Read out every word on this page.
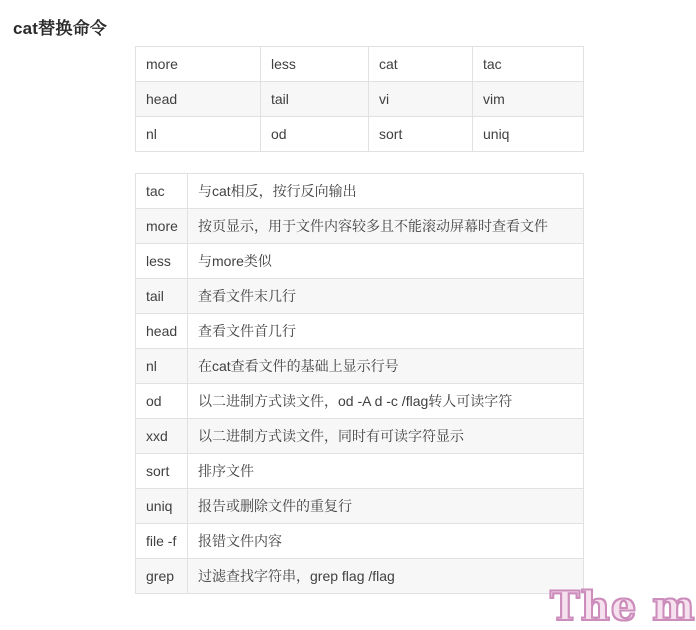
cat替换命令
more	less	cat	tac
head	tail	vi	vim
nl	od	sort	uniq
tac	与cat相反，按行反向输出
more	按页显示，用于文件内容较多且不能滚动屏幕时查看文件
less	与more类似
tail	查看文件末几行
head	查看文件首几行
nl	在cat查看文件的基础上显示行号
od	以二进制方式读文件，od -A d -c /flag转人可读字符
xxd	以二进制方式读文件，同时有可读字符显示
sort	排序文件
uniq	报告或删除文件的重复行
file -f	报错文件内容
grep	过滤查找字符串，grep flag /flag
The m
